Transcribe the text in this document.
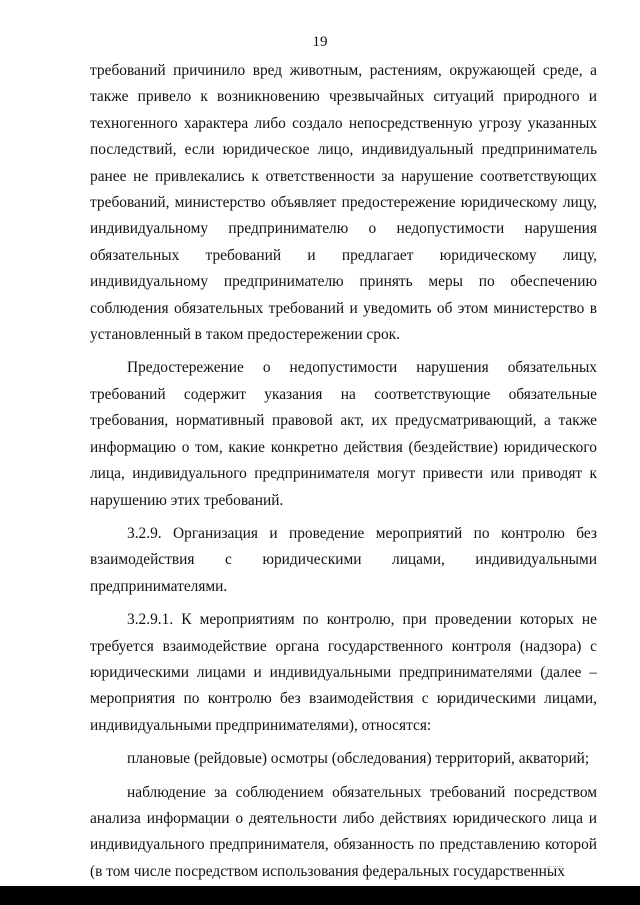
19

требований причинило вред животным, растениям, окружающей среде, а также привело к возникновению чрезвычайных ситуаций природного и техногенного характера либо создало непосредственную угрозу указанных последствий, если юридическое лицо, индивидуальный предприниматель ранее не привлекались к ответственности за нарушение соответствующих требований, министерство объявляет предостережение юридическому лицу, индивидуальному предпринимателю о недопустимости нарушения обязательных требований и предлагает юридическому лицу, индивидуальному предпринимателю принять меры по обеспечению соблюдения обязательных требований и уведомить об этом министерство в установленный в таком предостережении срок.

Предостережение о недопустимости нарушения обязательных требований содержит указания на соответствующие обязательные требования, нормативный правовой акт, их предусматривающий, а также информацию о том, какие конкретно действия (бездействие) юридического лица, индивидуального предпринимателя могут привести или приводят к нарушению этих требований.

3.2.9. Организация и проведение мероприятий по контролю без взаимодействия с юридическими лицами, индивидуальными предпринимателями.

3.2.9.1. К мероприятиям по контролю, при проведении которых не требуется взаимодействие органа государственного контроля (надзора) с юридическими лицами и индивидуальными предпринимателями (далее – мероприятия по контролю без взаимодействия с юридическими лицами, индивидуальными предпринимателями), относятся:

плановые (рейдовые) осмотры (обследования) территорий, акваторий;

наблюдение за соблюдением обязательных требований посредством анализа информации о деятельности либо действиях юридического лица и индивидуального предпринимателя, обязанность по представлению которой (в том числе посредством использования федеральных государственных
